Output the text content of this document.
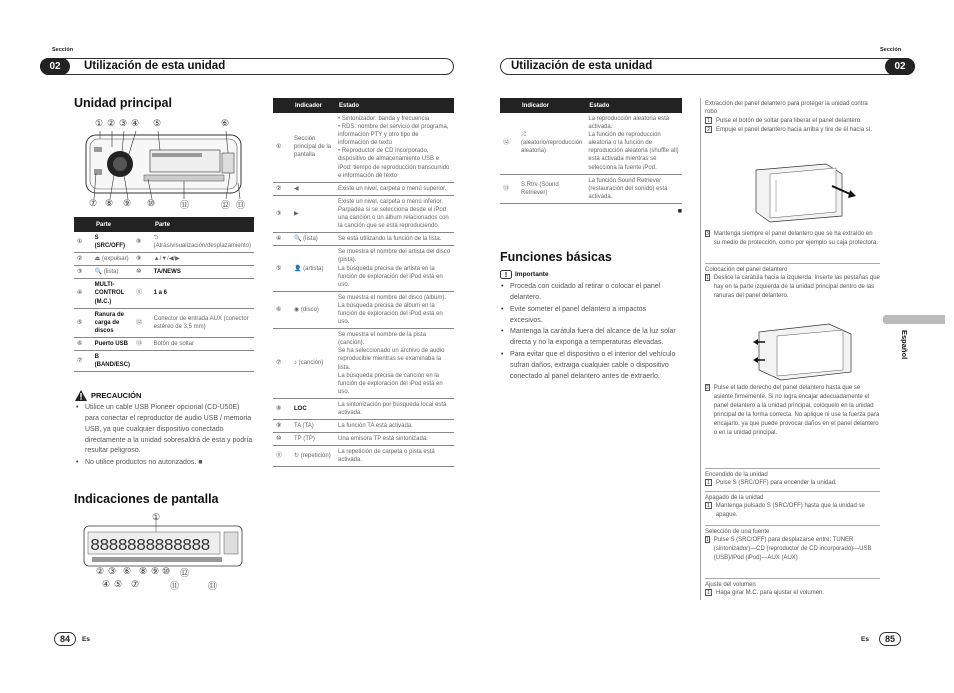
Sección
02	Utilización de esta unidad
Sección
02
Utilización de esta unidad
Español
Unidad principal
① ② ③ ④ ⑤	⑥
⑦ ⑧ ⑨ ⑩	⑪	⑫ ⑬
Parte		Parte	
①	S (SRC/OFF)	⑧	⮌ (Atrás/visualización/desplazamiento)
②	⏏ (expulsar)	⑨	▲/▼/◀/▶
③	🔍 (lista)	⑩	TA/NEWS
④	MULTI-CONTROL (M.C.)	⑪	1 a 6
⑤	Ranura de carga de discos	⑫	Conector de entrada AUX (conector estéreo de 3,5 mm)
⑥	Puerto USB	⑬	Botón de soltar
⑦	B (BAND/ESC)		
PRECAUCIÓN
• Utilice un cable USB Pioneer opcional (CD-U50E) para conectar el reproductor de audio USB / memoria USB, ya que cualquier dispositivo conectado directamente a la unidad sobresaldrá de esta y podría resultar peligroso.
• No utilice productos no autorizados. ■
Indicaciones de pantalla
8888888888888
①
② ③ ⑥ ⑧ ⑨ ⑩ ⑫
④ ⑤ ⑦	⑪	⑬
Indicador		Estado
①	Sección principal de la pantalla	• Sintonizador: banda y frecuencia
• RDS: nombre del servicio del programa, información PTY y otro tipo de información de texto
• Reproductor de CD incorporado, dispositivo de almacenamiento USB e iPod: tiempo de reproducción transcurrido e información de texto
②	◀	Existe un nivel, carpeta o menú superior.
③	▶	Existe un nivel, carpeta o menú inferior.
Parpadea si se selecciona desde el iPod una canción o un álbum relacionados con la canción que se está reproduciendo.
④	🔍 (lista)	Se está utilizando la función de la lista.
⑤	👤 (artista)	Se muestra el nombre del artista del disco (pista).
La búsqueda precisa de artista en la función de exploración del iPod está en uso.
⑥	◉ (disco)	Se muestra el nombre del disco (álbum).
La búsqueda precisa de álbum en la función de exploración del iPod está en uso.
⑦	♪ (canción)	Se muestra el nombre de la pista (canción).
Se ha seleccionado un archivo de audio reproducible mientras se examinaba la lista.
La búsqueda precisa de canción en la función de exploración del iPod está en uso.
⑧	LOC	La sintonización por búsqueda local está activada.
⑨	TA (TA)	La función TA está activada.
⑩	TP (TP)	Una emisora TP está sintonizada.
⑪	↻ (repetición)	La repetición de carpeta o pista está activada.
Indicador		Estado
⑫	⤮ (aleatorio/reproducción aleatoria)	La reproducción aleatoria está activada.
La función de reproducción aleatoria o la función de reproducción aleatoria (shuffle all) está activada mientras se selecciona la fuente iPod.
⑬	S.Rtrv (Sound Retriever)	La función Sound Retriever (restauración del sonido) está activada.
■
Funciones básicas
! Importante
• Proceda con cuidado al retirar o colocar el panel delantero.
• Evite someter el panel delantero a impactos excesivos.
• Mantenga la carátula fuera del alcance de la luz solar directa y no la exponga a temperaturas elevadas.
• Para evitar que el dispositivo o el interior del vehículo sufran daños, extraiga cualquier cable o dispositivo conectado al panel delantero antes de extraerlo.
Extracción del panel delantero para proteger la unidad contra robo
1	Pulse el botón de soltar para liberar el panel delantero.
2	Empuje el panel delantero hacia arriba y tire de él hacia sí.
3 Mantenga siempre el panel delantero que se ha extraído en su medio de protección, como por ejemplo su caja protectora.
Colocación del panel delantero
1 Deslice la carátula hacia la izquierda. Inserte las pestañas que hay en la parte izquierda de la unidad principal dentro de las ranuras del panel delantero.
2 Pulse el lado derecho del panel delantero hasta que se asiente firmemente. Si no logra encajar adecuadamente el panel delantero a la unidad principal, colóquelo en la unidad principal de la forma correcta. No aplique ni use la fuerza para encajarlo, ya que puede provocar daños en el panel delantero o en la unidad principal.
Encendido de la unidad
1	Pulse S (SRC/OFF) para encender la unidad.
Apagado de la unidad
1	Mantenga pulsado S (SRC/OFF) hasta que la unidad se apague.
Selección de una fuente
1 Pulse S (SRC/OFF) para desplazarse entre: TUNER (sintonizador)—CD (reproductor de CD incorporado)—USB (USB)/iPod (iPod)—AUX (AUX)
Ajuste del volumen
1	Haga girar M.C. para ajustar el volumen.
84	Es	Es	85
